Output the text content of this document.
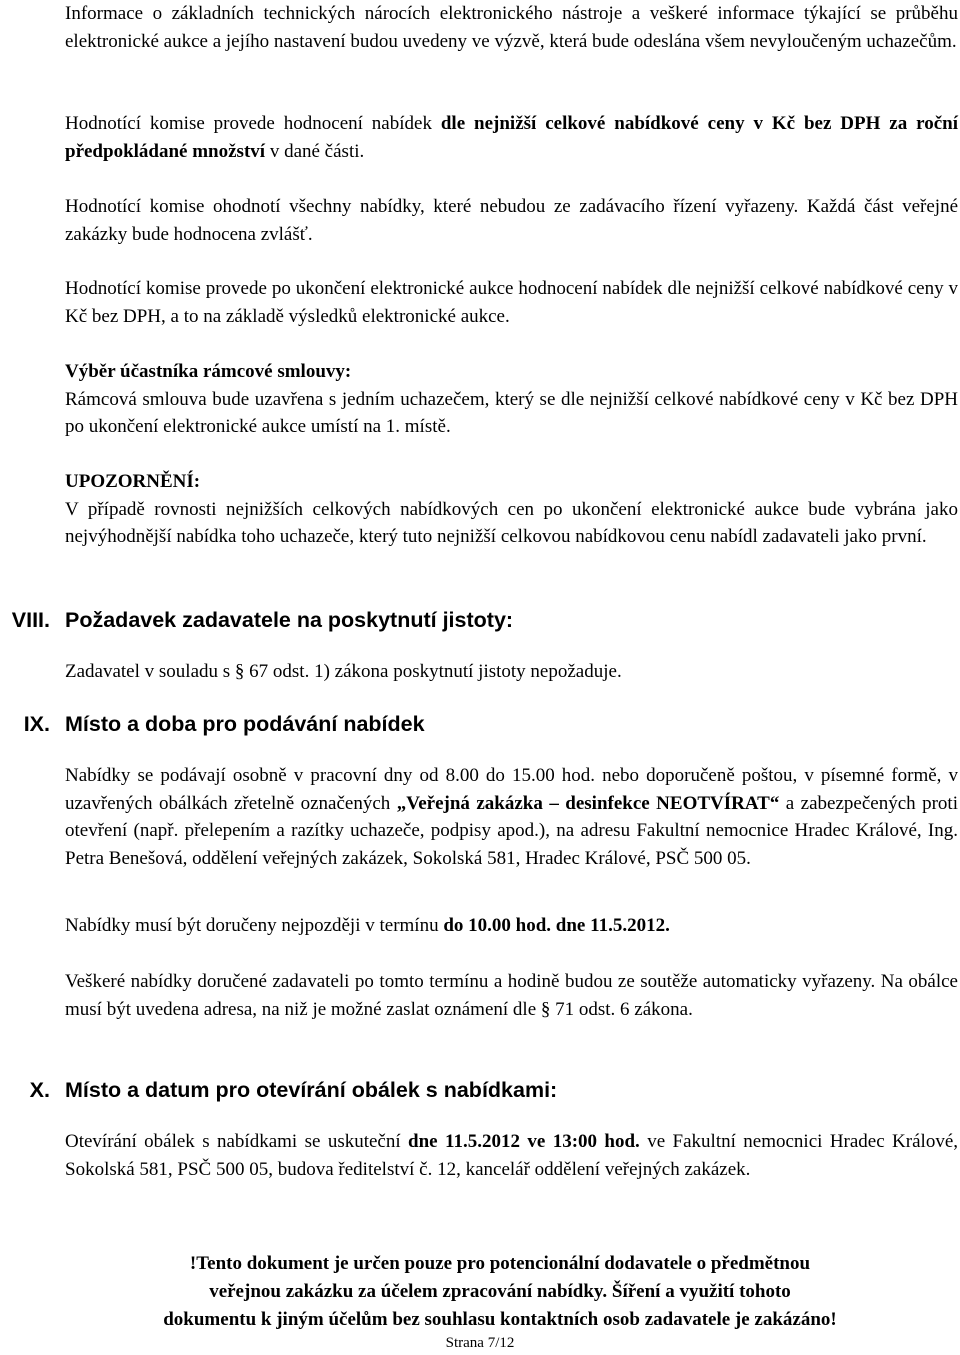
Informace o základních technických nárocích elektronického nástroje a veškeré informace týkající se průběhu elektronické aukce a jejího nastavení budou uvedeny ve výzvě, která bude odeslána všem nevyloučeným uchazečům.

Hodnotící komise provede hodnocení nabídek dle nejnižší celkové nabídkové ceny v Kč bez DPH za roční předpokládané množství v dané části.

Hodnotící komise ohodnotí všechny nabídky, které nebudou ze zadávacího řízení vyřazeny. Každá část veřejné zakázky bude hodnocena zvlášť.

Hodnotící komise provede po ukončení elektronické aukce hodnocení nabídek dle nejnižší celkové nabídkové ceny v Kč bez DPH, a to na základě výsledků elektronické aukce.

Výběr účastníka rámcové smlouvy:
Rámcová smlouva bude uzavřena s jedním uchazečem, který se dle nejnižší celkové nabídkové ceny v Kč bez DPH po ukončení elektronické aukce umístí na 1. místě.

UPOZORNĚNÍ:
V případě rovnosti nejnižších celkových nabídkových cen po ukončení elektronické aukce bude vybrána jako nejvýhodnější nabídka toho uchazeče, který tuto nejnižší celkovou nabídkovou cenu nabídl zadavateli jako první.

VIII. Požadavek zadavatele na poskytnutí jistoty:

Zadavatel v souladu s § 67 odst. 1) zákona poskytnutí jistoty nepožaduje.

IX. Místo a doba pro podávání nabídek

Nabídky se podávají osobně v pracovní dny od 8.00 do 15.00 hod. nebo doporučeně poštou, v písemné formě, v uzavřených obálkách zřetelně označených „Veřejná zakázka – desinfekce NEOTVÍRAT“ a zabezpečených proti otevření (např. přelepením a razítky uchazeče, podpisy apod.), na adresu Fakultní nemocnice Hradec Králové, Ing. Petra Benešová, oddělení veřejných zakázek, Sokolská 581, Hradec Králové, PSČ 500 05.

Nabídky musí být doručeny nejpozději v termínu do 10.00 hod. dne 11.5.2012.

Veškeré nabídky doručené zadavateli po tomto termínu a hodině budou ze soutěže automaticky vyřazeny. Na obálce musí být uvedena adresa, na niž je možné zaslat oznámení dle § 71 odst. 6 zákona.

X. Místo a datum pro otevírání obálek s nabídkami:

Otevírání obálek s nabídkami se uskuteční dne 11.5.2012 ve 13:00 hod. ve Fakultní nemocnici Hradec Králové, Sokolská 581, PSČ 500 05, budova ředitelství č. 12, kancelář oddělení veřejných zakázek.

!Tento dokument je určen pouze pro potencionální dodavatele o předmětnou
veřejnou zakázku za účelem zpracování nabídky. Šíření a využití tohoto
dokumentu k jiným účelům bez souhlasu kontaktních osob zadavatele je zakázáno!

Strana 7/12
